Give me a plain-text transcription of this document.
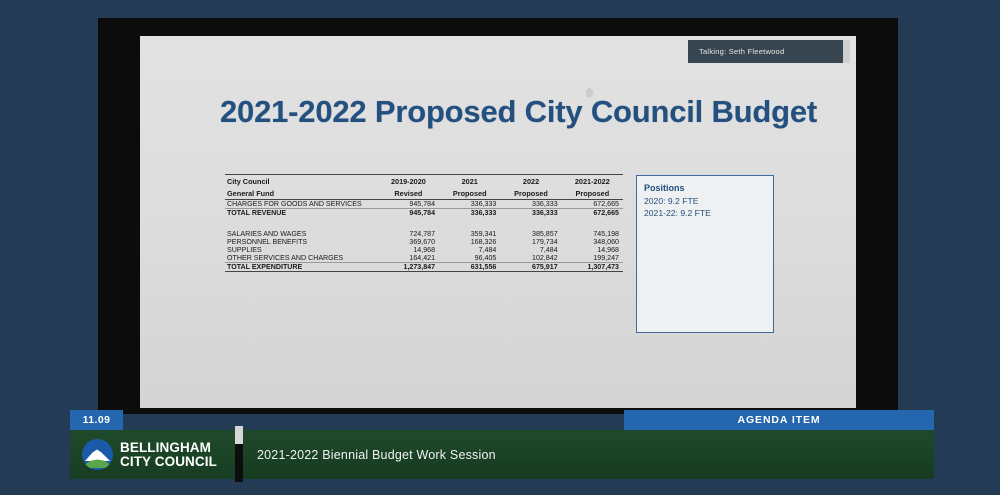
2021-2022 Proposed City Council Budget
City Council	2019-2020	2021	2022	2021-2022
General Fund	Revised	Proposed	Proposed	Proposed
CHARGES FOR GOODS AND SERVICES	945,784	336,333	336,333	672,665
TOTAL REVENUE	945,784	336,333	336,333	672,665

SALARIES AND WAGES	724,787	359,341	385,857	745,198
PERSONNEL BENEFITS	369,670	168,326	179,734	348,060
SUPPLIES	14,968	7,484	7,484	14,968
OTHER SERVICES AND CHARGES	164,421	96,405	102,842	199,247
TOTAL EXPENDITURE	1,273,847	631,556	675,917	1,307,473
Positions
2020: 9.2 FTE
2021-22: 9.2 FTE
Talking: Seth Fleetwood
11.09	AGENDA ITEM
BELLINGHAM
CITY COUNCIL	2021-2022 Biennial Budget Work Session
